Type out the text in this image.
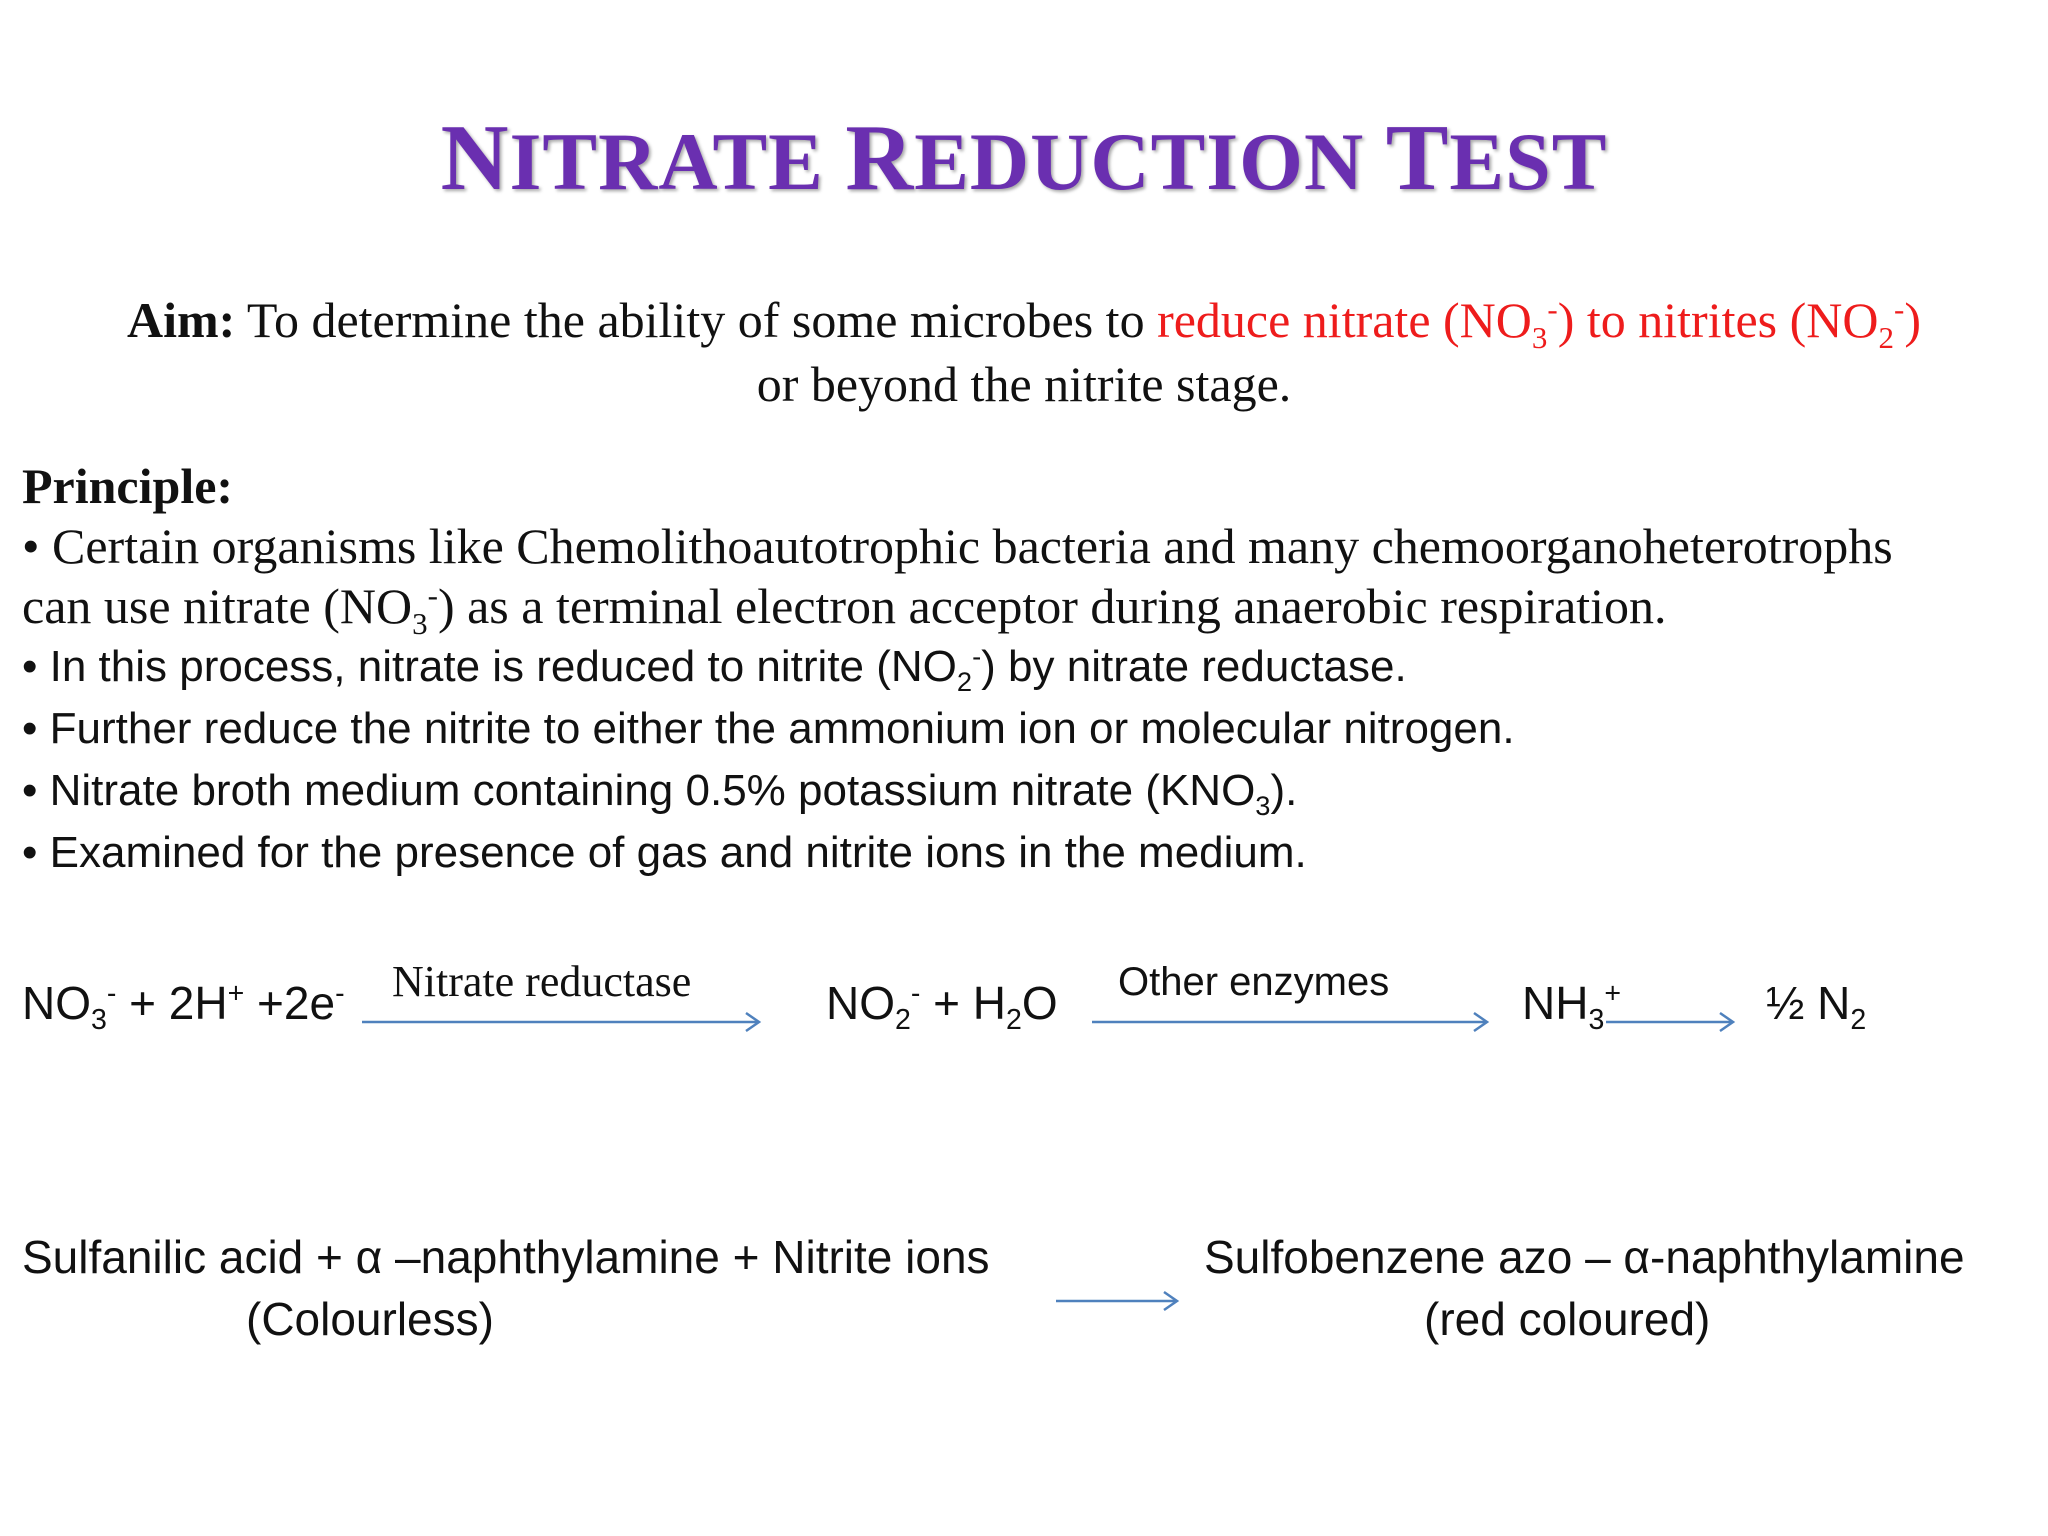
NITRATE REDUCTION TEST
Aim: To determine the ability of some microbes to reduce nitrate $(NO_3^-)$ to nitrites $(NO_2^-)$
or beyond the nitrite stage.
Principle:
• Certain organisms like Chemolithoautotrophic bacteria and many chemoorganoheterotrophs
can use nitrate $(NO_3^-)$ as a terminal electron acceptor during anaerobic respiration.
• In this process, nitrate is reduced to nitrite $(NO_2^-)$ by nitrate reductase.
• Further reduce the nitrite to either the ammonium ion or molecular nitrogen.
• Nitrate broth medium containing 0.5% potassium nitrate $(KNO_3)$.
• Examined for the presence of gas and nitrite ions in the medium.
$NO_3^- + 2H^+ +2e^-$ Nitrate reductase	$NO_2^- + H_2O$ Other enzymes	$NH_3^+$	½ $N_2$
Sulfanilic acid + α –naphthylamine + Nitrite ions
(Colourless)
Sulfobenzene azo – α-naphthylamine
(red coloured)
